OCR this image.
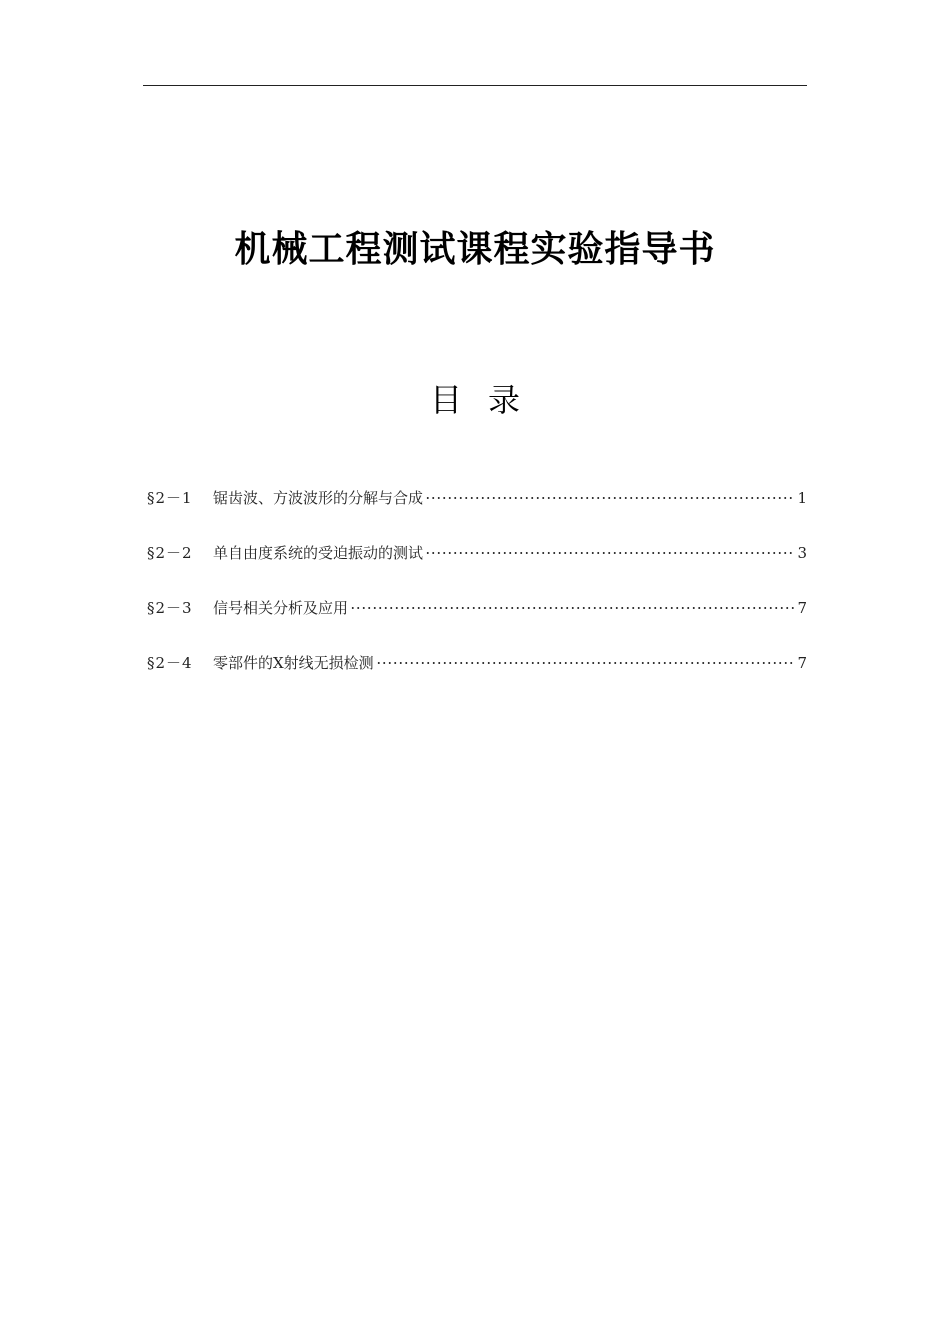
机械工程测试课程实验指导书
目录
§2－1	锯齿波、方波波形的分解与合成	1
§2－2	单自由度系统的受迫振动的测试	3
§2－3	信号相关分析及应用	7
§2－4	零部件的X射线无损检测	7
